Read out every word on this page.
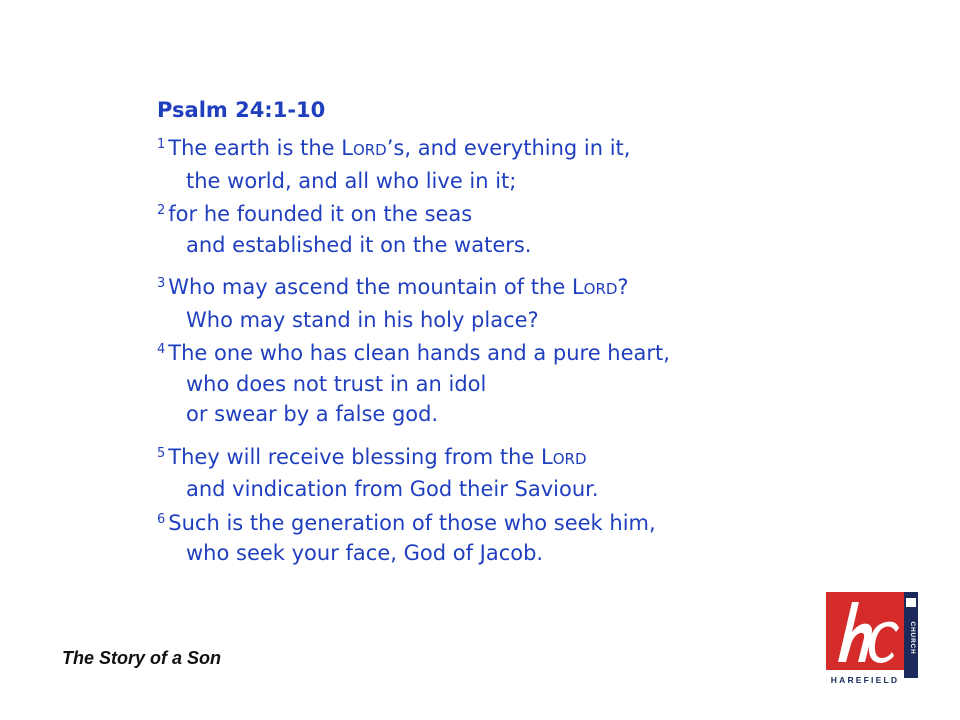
Psalm 24:1-10
$^1$ The earth is the LORD’s, and everything in it,
the world, and all who live in it;
$^2$ for he founded it on the seas
and established it on the waters.
$^3$ Who may ascend the mountain of the LORD?
Who may stand in his holy place?
$^4$ The one who has clean hands and a pure heart,
who does not trust in an idol
or swear by a false god.
$^5$ They will receive blessing from the LORD
and vindication from God their Saviour.
$^6$ Such is the generation of those who seek him,
who seek your face, God of Jacob.
The Story of a Son
CHURCH
HAREFIELD
